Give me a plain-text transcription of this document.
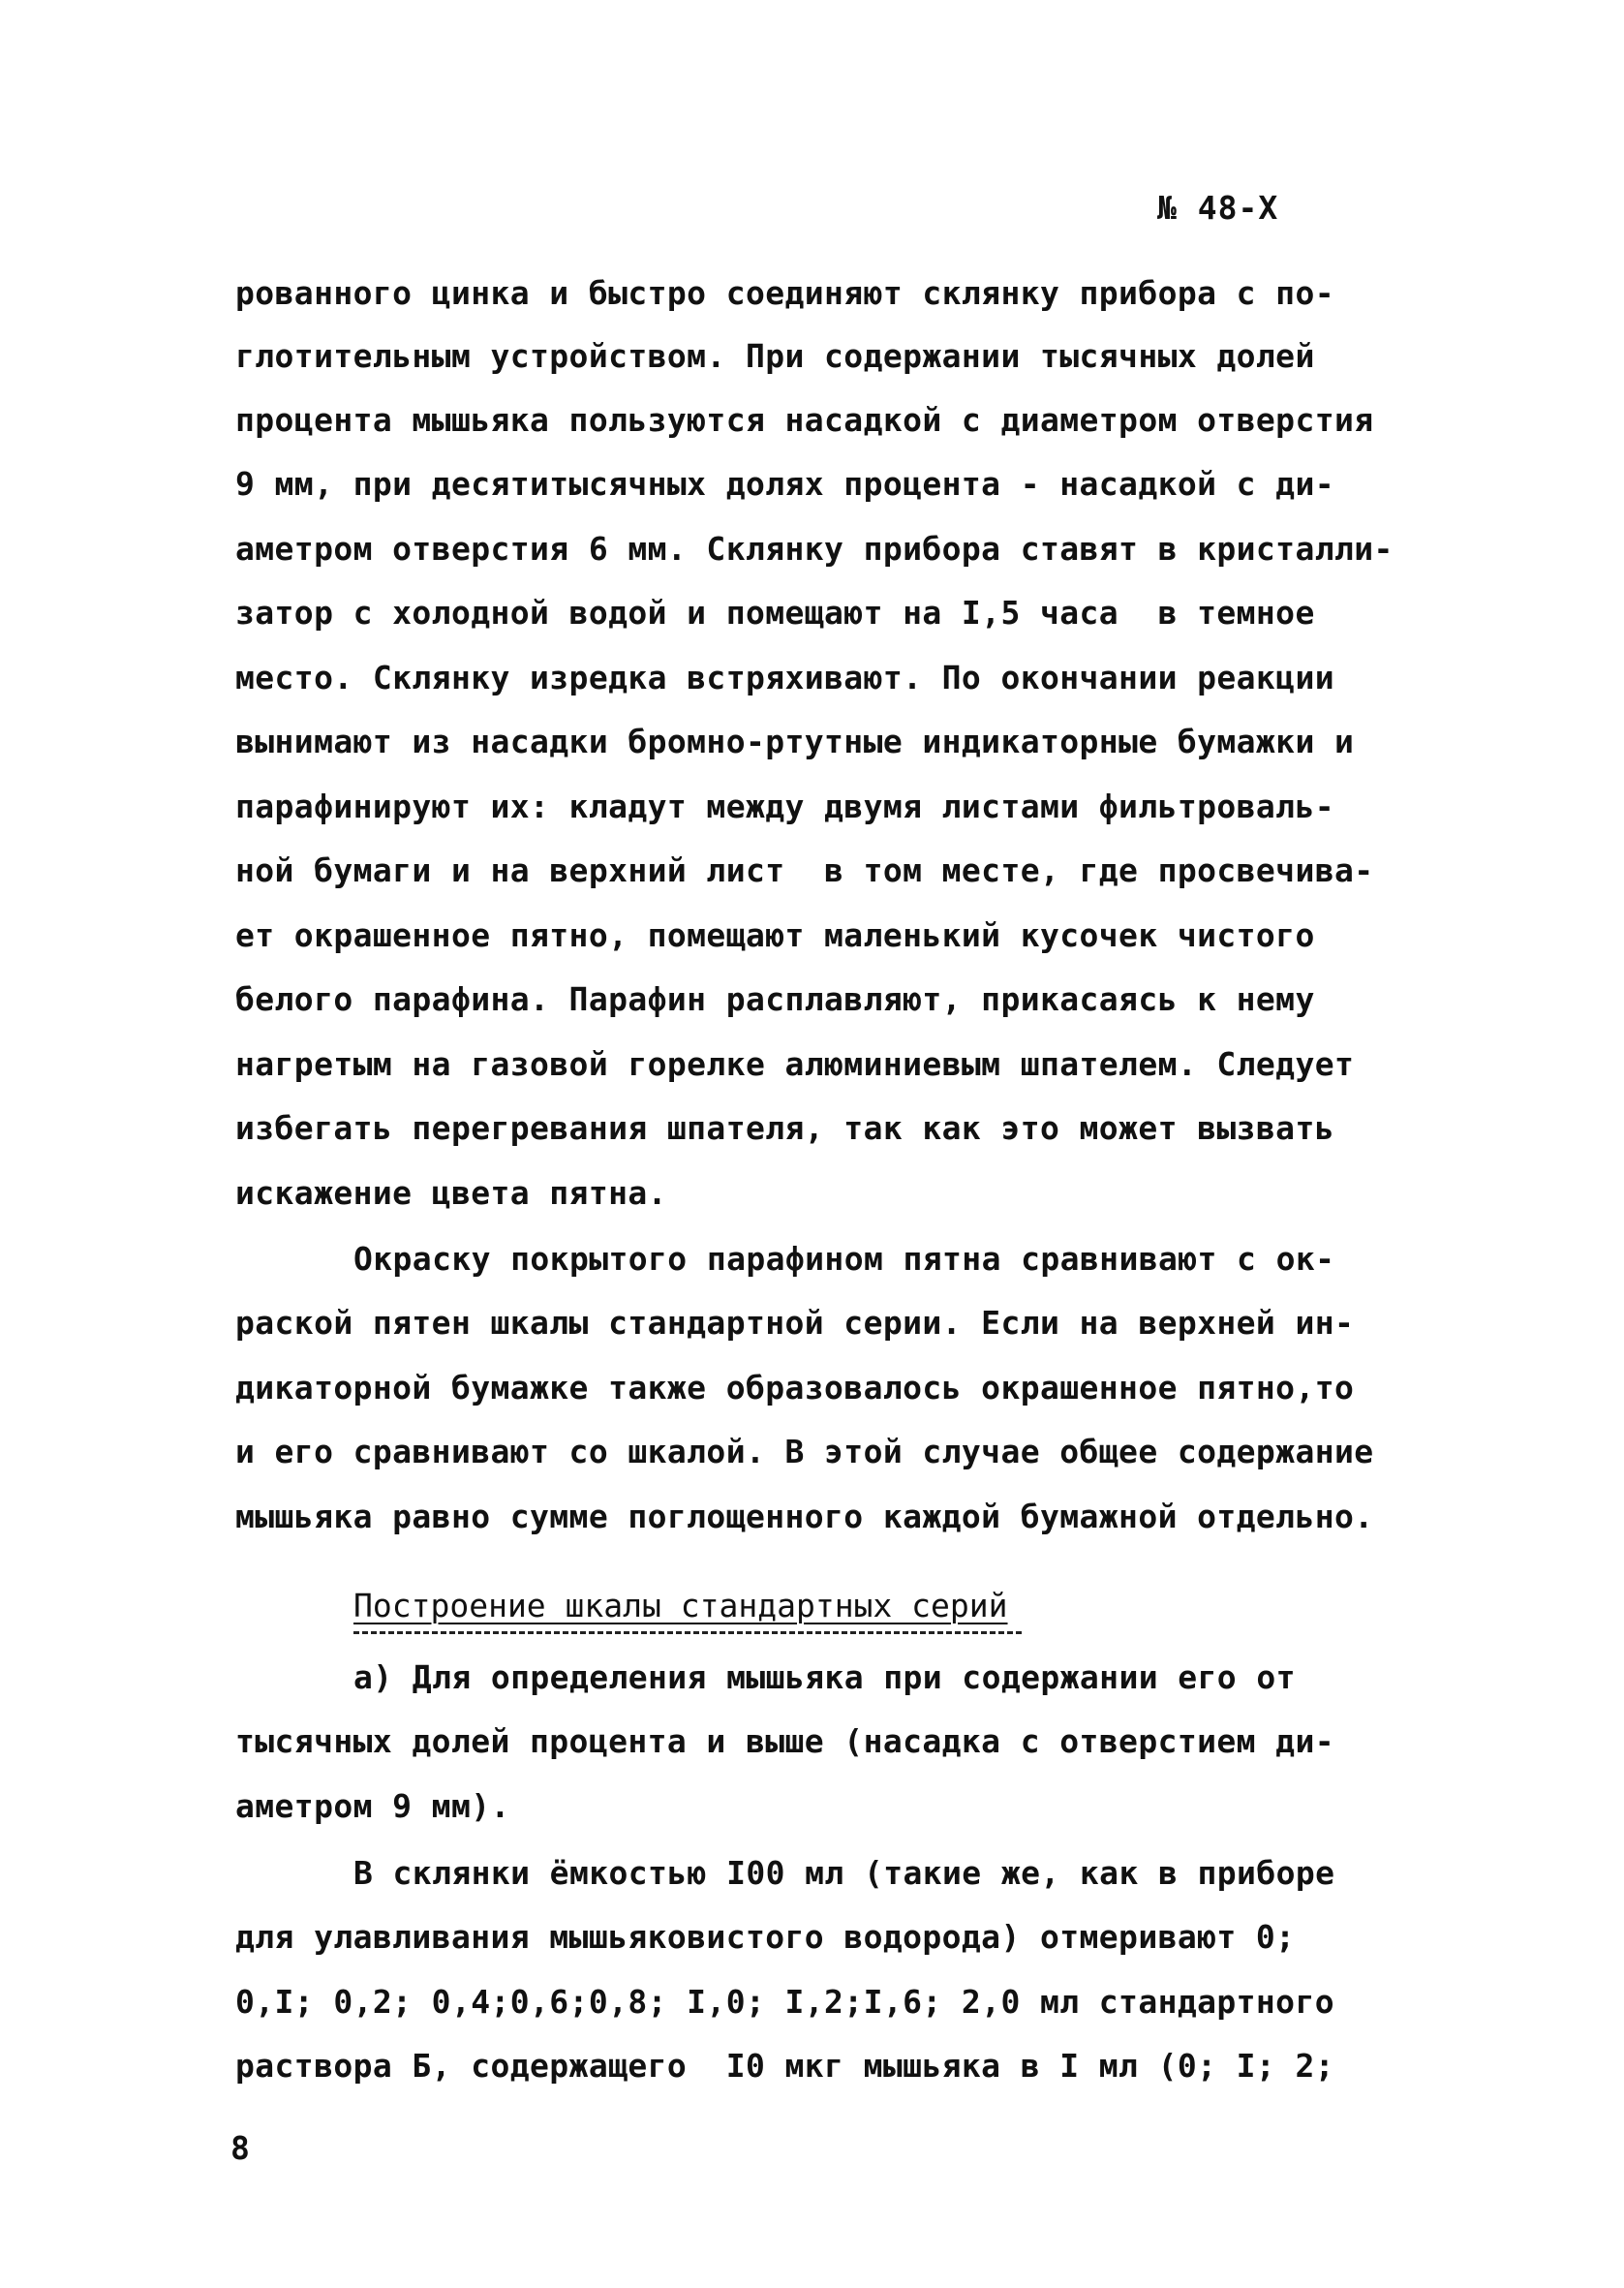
№ 48-Х
рованного цинка и быстро соединяют склянку прибора с по-
глотительным устройством. При содержании тысячных долей
процента мышьяка пользуются насадкой с диаметром отверстия
9 мм, при десятитысячных долях процента - насадкой с ди-
аметром отверстия 6 мм. Склянку прибора ставят в кристалли-
затор с холодной водой и помещают на I,5 часа  в темное
место. Склянку изредка встряхивают. По окончании реакции
вынимают из насадки бромно-ртутные индикаторные бумажки и
парафинируют их: кладут между двумя листами фильтроваль-
ной бумаги и на верхний лист  в том месте, где просвечива-
ет окрашенное пятно, помещают маленький кусочек чистого
белого парафина. Парафин расплавляют, прикасаясь к нему
нагретым на газовой горелке алюминиевым шпателем. Следует
избегать перегревания шпателя, так как это может вызвать
искажение цвета пятна.
Окраску покрытого парафином пятна сравнивают с ок-
раской пятен шкалы стандартной серии. Если на верхней ин-
дикаторной бумажке также образовалось окрашенное пятно,то
и его сравнивают со шкалой. В этой случае общее содержание
мышьяка равно сумме поглощенного каждой бумажной отдельно.
Построение шкалы стандартных серий
а) Для определения мышьяка при содержании его от
тысячных долей процента и выше (насадка с отверстием ди-
аметром 9 мм).
В склянки ёмкостью I00 мл (такие же, как в приборе
для улавливания мышьяковистого водорода) отмеривают 0;
0,I; 0,2; 0,4;0,6;0,8; I,0; I,2;I,6; 2,0 мл стандартного
раствора Б, содержащего  I0 мкг мышьяка в I мл (0; I; 2;
8
